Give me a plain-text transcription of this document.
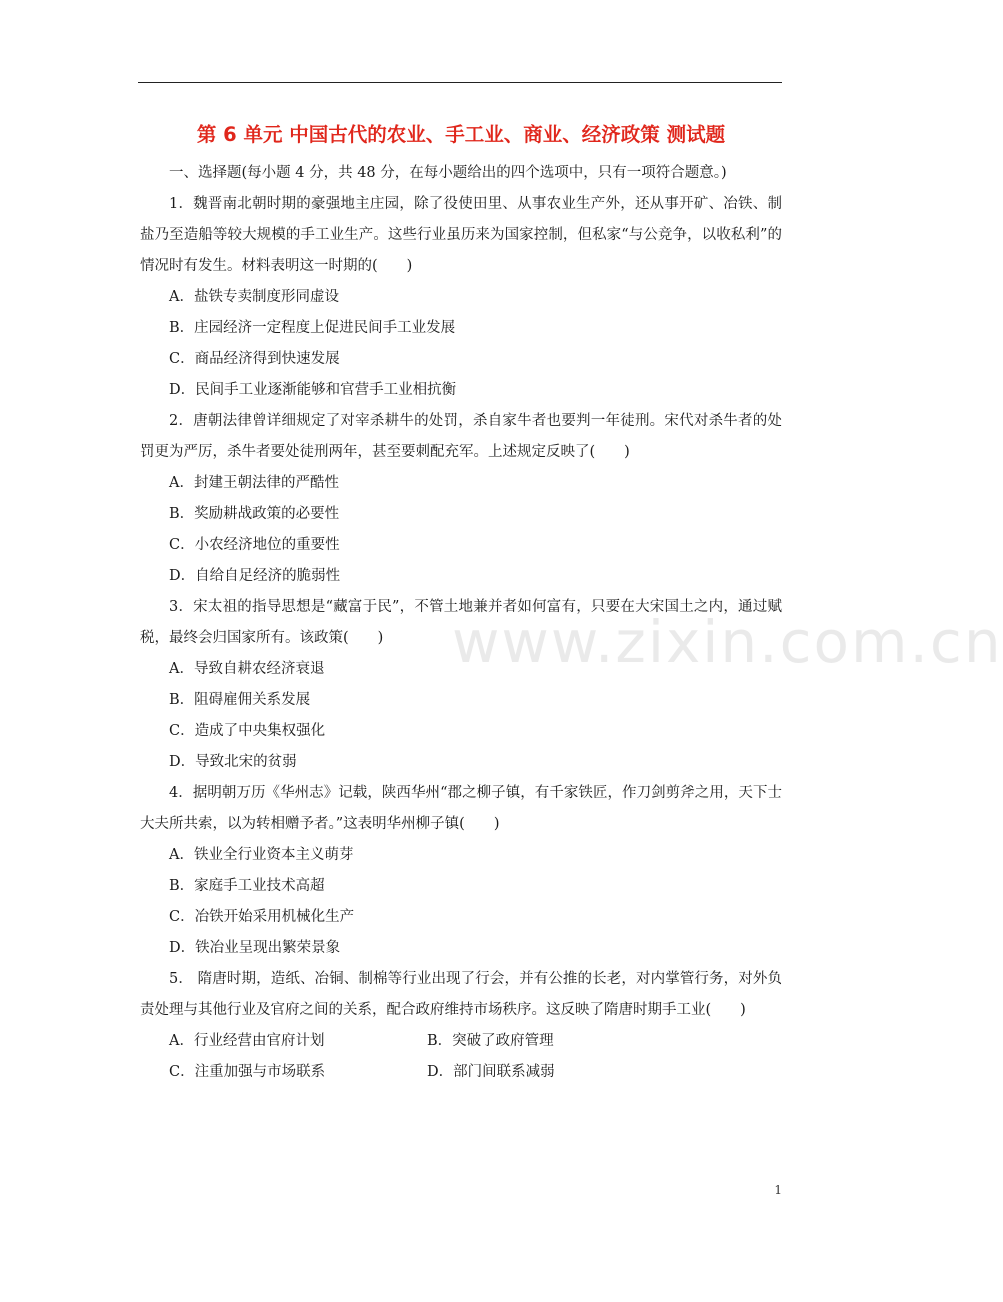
www.zixin.com.cn
第 6 单元 中国古代的农业、手工业、商业、经济政策 测试题

一、选择题(每小题 4 分，共 48 分，在每小题给出的四个选项中，只有一项符合题意。)

1．魏晋南北朝时期的豪强地主庄园，除了役使田里、从事农业生产外，还从事开矿、冶铁、制盐乃至造船等较大规模的手工业生产。这些行业虽历来为国家控制，但私家“与公竞争，以收私利”的情况时有发生。材料表明这一时期的(　　)

A．盐铁专卖制度形同虚设

B．庄园经济一定程度上促进民间手工业发展

C．商品经济得到快速发展

D．民间手工业逐渐能够和官营手工业相抗衡

2．唐朝法律曾详细规定了对宰杀耕牛的处罚，杀自家牛者也要判一年徒刑。宋代对杀牛者的处罚更为严厉，杀牛者要处徒刑两年，甚至要刺配充军。上述规定反映了(　　)

A．封建王朝法律的严酷性

B．奖励耕战政策的必要性

C．小农经济地位的重要性

D．自给自足经济的脆弱性

3．宋太祖的指导思想是“藏富于民”，不管土地兼并者如何富有，只要在大宋国土之内，通过赋税，最终会归国家所有。该政策(　　)

A．导致自耕农经济衰退

B．阻碍雇佣关系发展

C．造成了中央集权强化

D．导致北宋的贫弱

4．据明朝万历《华州志》记载，陕西华州“郡之柳子镇，有千家铁匠，作刀剑剪斧之用，天下士大夫所共索，以为转相赠予者。”这表明华州柳子镇(　　)

A．铁业全行业资本主义萌芽

B．家庭手工业技术高超

C．冶铁开始采用机械化生产

D．铁冶业呈现出繁荣景象

5． 隋唐时期，造纸、冶铜、制棉等行业出现了行会，并有公推的长老，对内掌管行务，对外负责处理与其他行业及官府之间的关系，配合政府维持市场秩序。这反映了隋唐时期手工业(　　)

A．行业经营由官府计划	B．突破了政府管理
C．注重加强与市场联系	D．部门间联系减弱
1
